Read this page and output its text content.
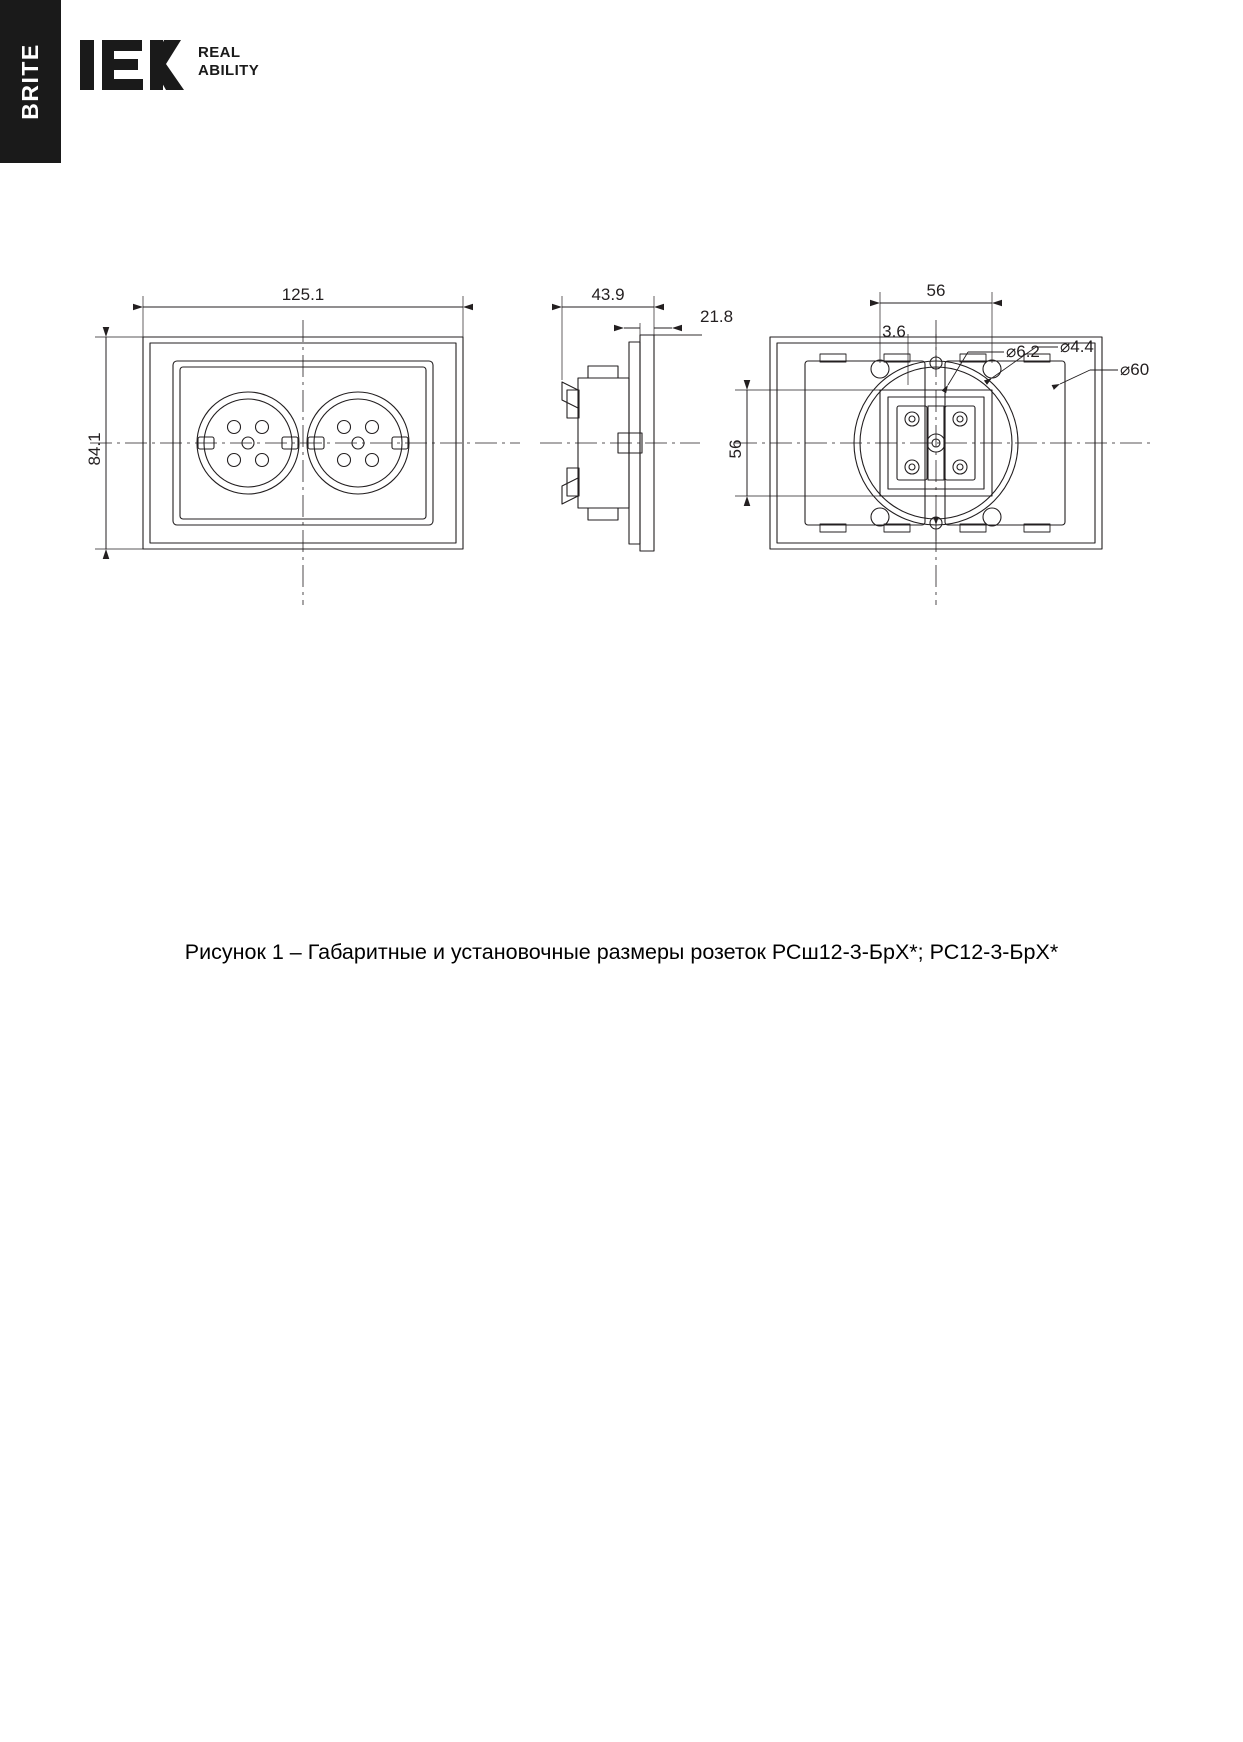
BRITE	REAL
ABILITY
125.1
84.1
43.9
21.8
56
56
3.6
⌀6.2 ⌀4.4
⌀60
Рисунок 1 – Габаритные и установочные размеры розеток РСш12-3-БрХ*; РС12-3-БрХ*
